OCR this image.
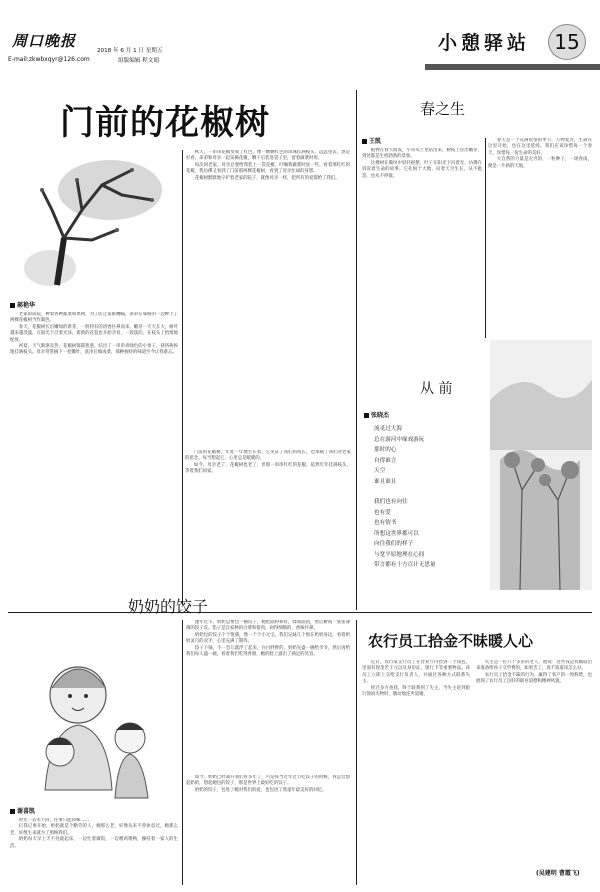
周口晚报
E-mail:zkwbxqyr@126.com
2018 年 6 月 1 日 星期五
组版编辑 程文娟
小憩驿站	15
门前的花椒树
郝艳华

老家的前院，种着各种蔬菜和果树，为了防止家畜糟蹋，弟弟在靠路的一边种上了两棵花椒树当作篱笆。

春天，花椒树长出嫩绿的新芽，一股特有的清香扑鼻而来。嫩芽一天天长大，树叶越来越茂盛，在阳光下泛着光泽，新新的花苞也开始孕育，一簇簇的，在枝头上悄悄地绽放。

初夏，天气渐渐炎热，花椒树郁郁葱葱，结出了一串串青绿色的小果子，挤挤挨挨地挂满枝头。母亲常常摘下一把嫩叶，洗净后做成菜，那种独特的味道至今让我难忘。

秋天，一串串花椒变成了红色，像一颗颗红色的珍珠挂满枝头，远远望去，煞是好看。弟弟和母亲一起采摘花椒，晒干后装进袋子里，留着做菜时用。

每次回老家，母亲总要给我装上一袋花椒，叮嘱我做菜时放一些。看着那红红的花椒，我仿佛又看到了门前那两棵花椒树，看到了母亲忙碌的身影。

花椒树默默地守护着老家的院子，就像母亲一样，把所有的爱都给了我们。

门前的花椒树，年复一年地生长着，它见证了我们的成长，也承载了我们对老家的思念。每当想起它，心里总是暖暖的。

如今，母亲老了，花椒树也老了，但那一串串红红的花椒，依然年年挂满枝头，等着我们回家。

春之生
王凯

植物在春天萌发，小草从土里钻出来，树枝上冒出嫩芽，到处都是生机勃勃的景象。

这棵树在微风中轻轻摇摆，叶子在阳光下闪着光，仿佛在诉说着生命的故事。它扎根于大地，向着天空生长，从不抱怨，也从不停歇。

春天是一个充满希望的季节，万物复苏，生命在这里开始，也在这里延续。我们应该珍惜每一个春天，珍惜每一份生命的美好。

大自然的力量是无穷的，一粒种子，一场春雨，便是一片新的天地。

从 前
张晓杰
流觅过大海
总在游河中缘戏游玩
那时的心
自得谁言
天空
谁且谁且
我们也有向往
也有爱
也有情书
所想这世界都可以
向往我们的样子
与宽平原地理在心间
带言都有十方百计无思量
奶奶的饺子
谢喜凯

时光一去永不回，往事只能回味……

打我记事开始，奶奶就是个勤劳的人，她那么老，好像从来不曾休息过，她那么老，好像生来就为了照顾我们。

奶奶每天早上天不亮就起床，一边忙着做饭，一边喂鸡喂鸭，操持着一家人的生活。

逢年过节，奶奶总要包一顿饺子。她把面粉和好，揉成面团，然后擀成一张张薄薄的饺子皮。馅子是自家种的白菜和猪肉，剁得细细的，香味扑鼻。

奶奶包的饺子个个饱满，像一个个小元宝。我们兄妹几个围在奶奶身边，看着奶奶灵巧的双手，心里充满了期待。

饺子下锅，不一会儿就浮了起来，白白胖胖的，奶奶先盛一碗给爷爷，然后再给我们每人盛一碗，看着我们吃得香甜，她的脸上露出了满足的笑容。

如今，奶奶已经离开我们好多年了，可是每当过年过节吃饺子的时候，我总会想起奶奶，想起她包的饺子，那是世界上最好吃的饺子。

奶奶的饺子，包进了她对我们的爱，也包进了我童年最美好的回忆。

农行员工拾金不昧暖人心

近日，农行某支行员工在营业厅内捡到一个钱包，里面有现金若干元以及身份证、银行卡等重要物品。该员工立即上交给支行负责人，并通过各种方式联系失主。

经过多方查找，终于联系到了失主，当失主赶到银行领回失物时，激动地连声道谢。

失主是一位六十多岁的老人，他说：这些钱是我刚取出来准备给孙子交学费的，如果丢了，真不知道该怎么办。

农行员工拾金不昧的行为，赢得了客户的一致称赞，也展现了农行员工良好的职业道德和精神风貌。

(吴建明 曹霞飞)
